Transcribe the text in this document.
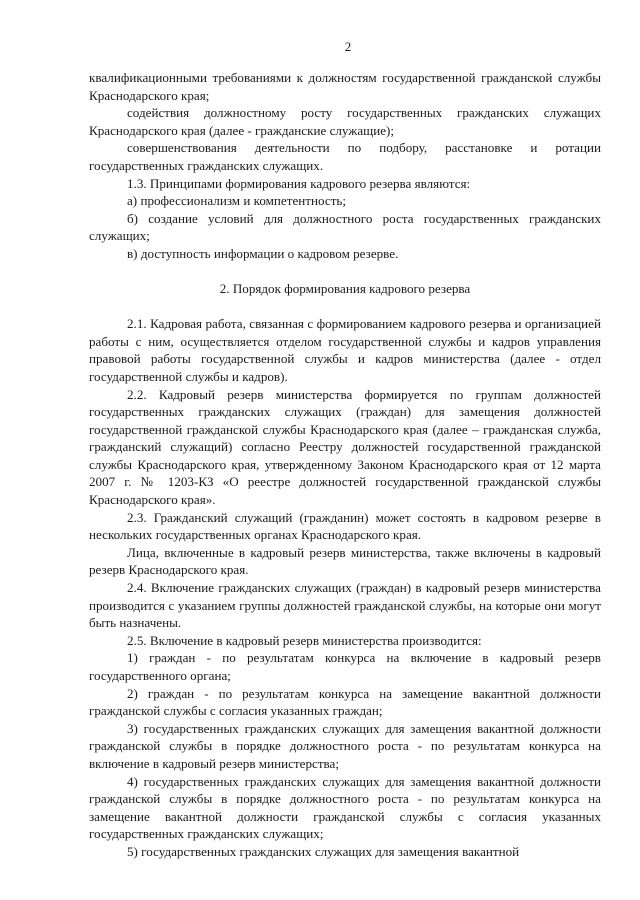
2

квалификационными требованиями к должностям государственной гражданской службы Краснодарского края;

содействия должностному росту государственных гражданских служащих Краснодарского края (далее - гражданские служащие);

совершенствования деятельности по подбору, расстановке и ротации государственных гражданских служащих.

1.3. Принципами формирования кадрового резерва являются:

а) профессионализм и компетентность;

б) создание условий для должностного роста государственных гражданских служащих;

в) доступность информации о кадровом резерве.

2. Порядок формирования кадрового резерва

2.1. Кадровая работа, связанная с формированием кадрового резерва и организацией работы с ним, осуществляется отделом государственной службы и кадров управления правовой работы государственной службы и кадров министерства (далее - отдел государственной службы и кадров).

2.2. Кадровый резерв министерства формируется по группам должностей государственных гражданских служащих (граждан) для замещения должностей государственной гражданской службы Краснодарского края (далее – гражданская служба, гражданский служащий) согласно Реестру должностей государственной гражданской службы Краснодарского края, утвержденному Законом Краснодарского края от 12 марта 2007 г. № 1203-КЗ «О реестре должностей государственной гражданской службы Краснодарского края».

2.3. Гражданский служащий (гражданин) может состоять в кадровом резерве в нескольких государственных органах Краснодарского края.

Лица, включенные в кадровый резерв министерства, также включены в кадровый резерв Краснодарского края.

2.4. Включение гражданских служащих (граждан) в кадровый резерв министерства производится с указанием группы должностей гражданской службы, на которые они могут быть назначены.

2.5. Включение в кадровый резерв министерства производится:

1) граждан - по результатам конкурса на включение в кадровый резерв государственного органа;

2) граждан - по результатам конкурса на замещение вакантной должности гражданской службы с согласия указанных граждан;

3) государственных гражданских служащих для замещения вакантной должности гражданской службы в порядке должностного роста - по результатам конкурса на включение в кадровый резерв министерства;

4) государственных гражданских служащих для замещения вакантной должности гражданской службы в порядке должностного роста - по результатам конкурса на замещение вакантной должности гражданской службы с согласия указанных государственных гражданских служащих;

5) государственных гражданских служащих для замещения вакантной
